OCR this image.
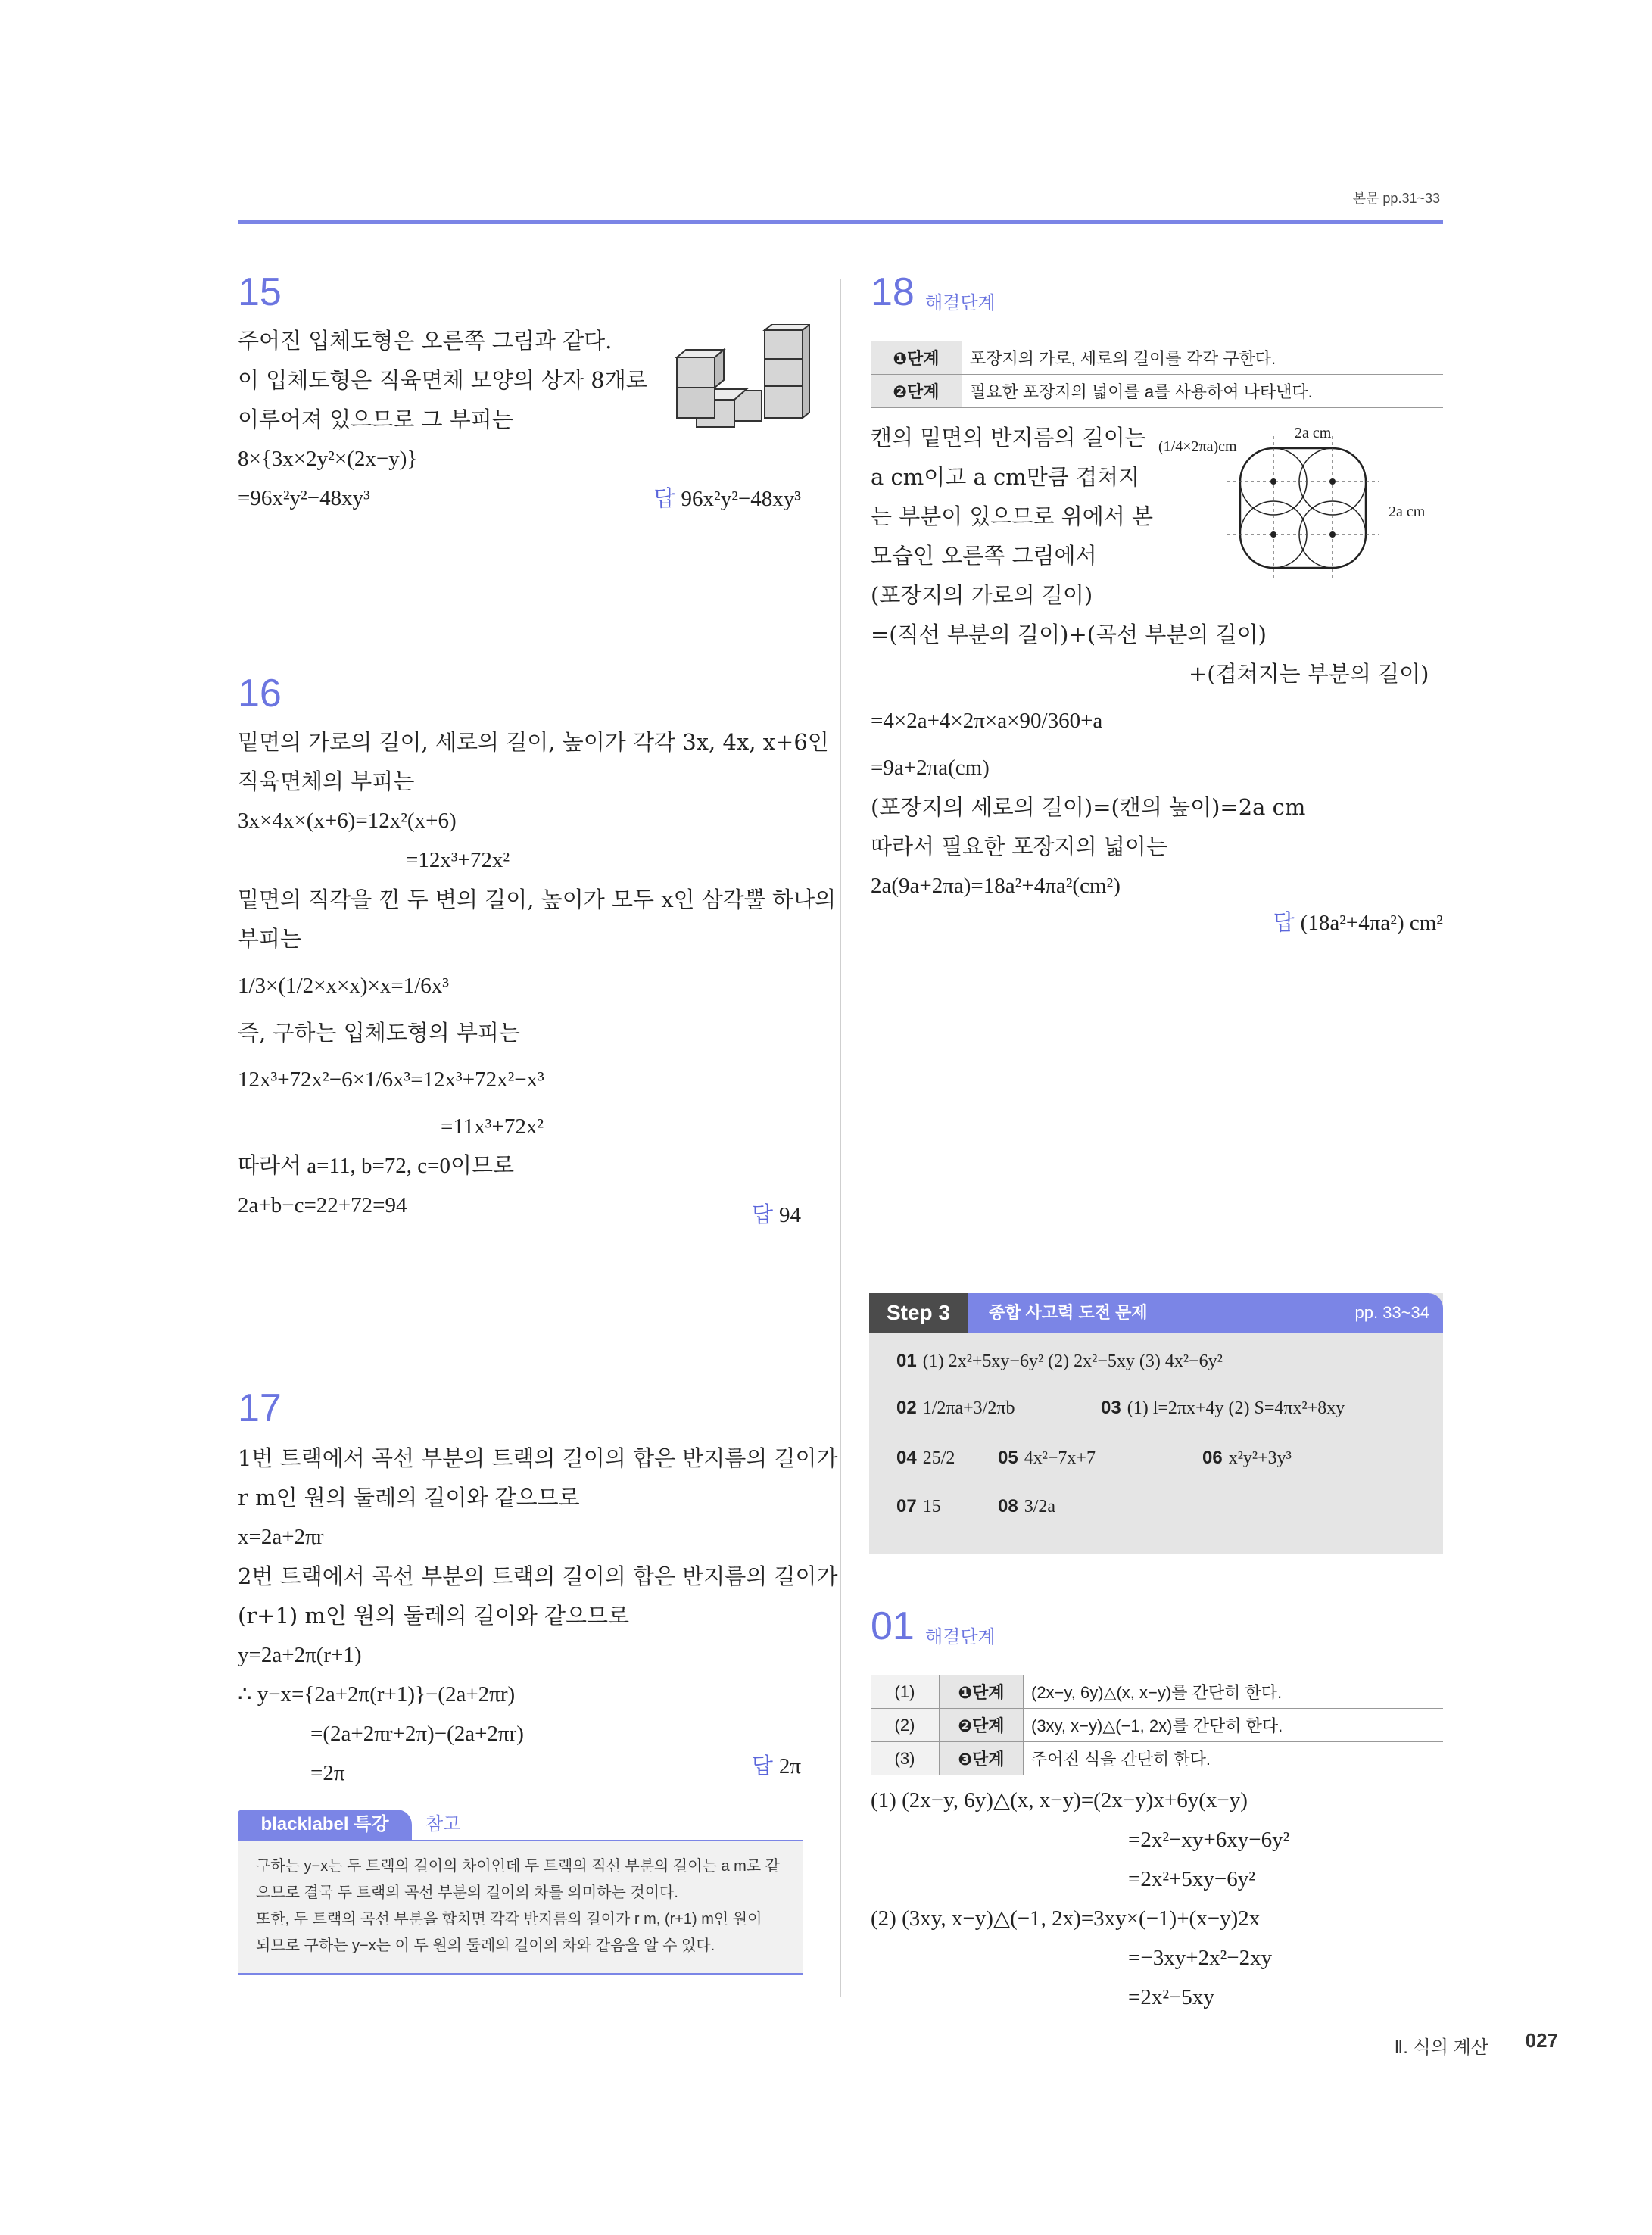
본문 pp.31~33
15
주어진 입체도형은 오른쪽 그림과 같다.
이 입체도형은 직육면체 모양의 상자 8개로
이루어져 있으므로 그 부피는
8×{3x×2y²×(2x−y)}
=96x²y²−48xy³	답 96x²y²−48xy³
16
밑면의 가로의 길이, 세로의 길이, 높이가 각각 3x, 4x, x+6인
직육면체의 부피는
3x×4x×(x+6)=12x²(x+6)
=12x³+72x²
밑면의 직각을 낀 두 변의 길이, 높이가 모두 x인 삼각뿔 하나의
부피는
1/3×(1/2×x×x)×x=1/6x³
즉, 구하는 입체도형의 부피는
12x³+72x²−6×1/6x³=12x³+72x²−x³
=11x³+72x²
따라서 a=11, b=72, c=0이므로
2a+b−c=22+72=94	답 94
17
1번 트랙에서 곡선 부분의 트랙의 길이의 합은 반지름의 길이가
r m인 원의 둘레의 길이와 같으므로
x=2a+2πr
2번 트랙에서 곡선 부분의 트랙의 길이의 합은 반지름의 길이가
(r+1) m인 원의 둘레의 길이와 같으므로
y=2a+2π(r+1)
∴ y−x={2a+2π(r+1)}−(2a+2πr)
=(2a+2πr+2π)−(2a+2πr)
=2π	답 2π
blacklabel 특강	참고
구하는 y−x는 두 트랙의 길이의 차이인데 두 트랙의 직선 부분의 길이는 a m로 같
으므로 결국 두 트랙의 곡선 부분의 길이의 차를 의미하는 것이다.
또한, 두 트랙의 곡선 부분을 합치면 각각 반지름의 길이가 r m, (r+1) m인 원이
되므로 구하는 y−x는 이 두 원의 둘레의 길이의 차와 같음을 알 수 있다.
18 해결단계
❶단계	포장지의 가로, 세로의 길이를 각각 구한다.
❷단계	필요한 포장지의 넓이를 a를 사용하여 나타낸다.
캔의 밑면의 반지름의 길이는
a cm이고 a cm만큼 겹쳐지
는 부분이 있으므로 위에서 본
모습인 오른쪽 그림에서
(포장지의 가로의 길이)
=(직선 부분의 길이)+(곡선 부분의 길이)
+(겹쳐지는 부분의 길이)
=4×2a+4×2π×a×90/360+a
=9a+2πa(cm)
(포장지의 세로의 길이)=(캔의 높이)=2a cm
따라서 필요한 포장지의 넓이는
2a(9a+2πa)=18a²+4πa²(cm²)
답 (18a²+4πa²) cm²
(1/4×2πa)cm
2a cm
2a cm
Step 3	종합 사고력 도전 문제	pp. 33~34
01 (1) 2x²+5xy−6y² (2) 2x²−5xy (3) 4x²−6y²
02 1/2πa+3/2πb	03 (1) l=2πx+4y (2) S=4πx²+8xy
04 25/2 05 4x²−7x+7	06 x²y²+3y³
07 15	08 3/2a
01 해결단계
(1)	❶단계	(2x−y, 6y)△(x, x−y)를 간단히 한다.
(2)	❷단계	(3xy, x−y)△(−1, 2x)를 간단히 한다.
(3)	❸단계	주어진 식을 간단히 한다.
(1) (2x−y, 6y)△(x, x−y)=(2x−y)x+6y(x−y)
=2x²−xy+6xy−6y²
=2x²+5xy−6y²
(2) (3xy, x−y)△(−1, 2x)=3xy×(−1)+(x−y)2x
=−3xy+2x²−2xy
=2x²−5xy
Ⅱ. 식의 계산 027
